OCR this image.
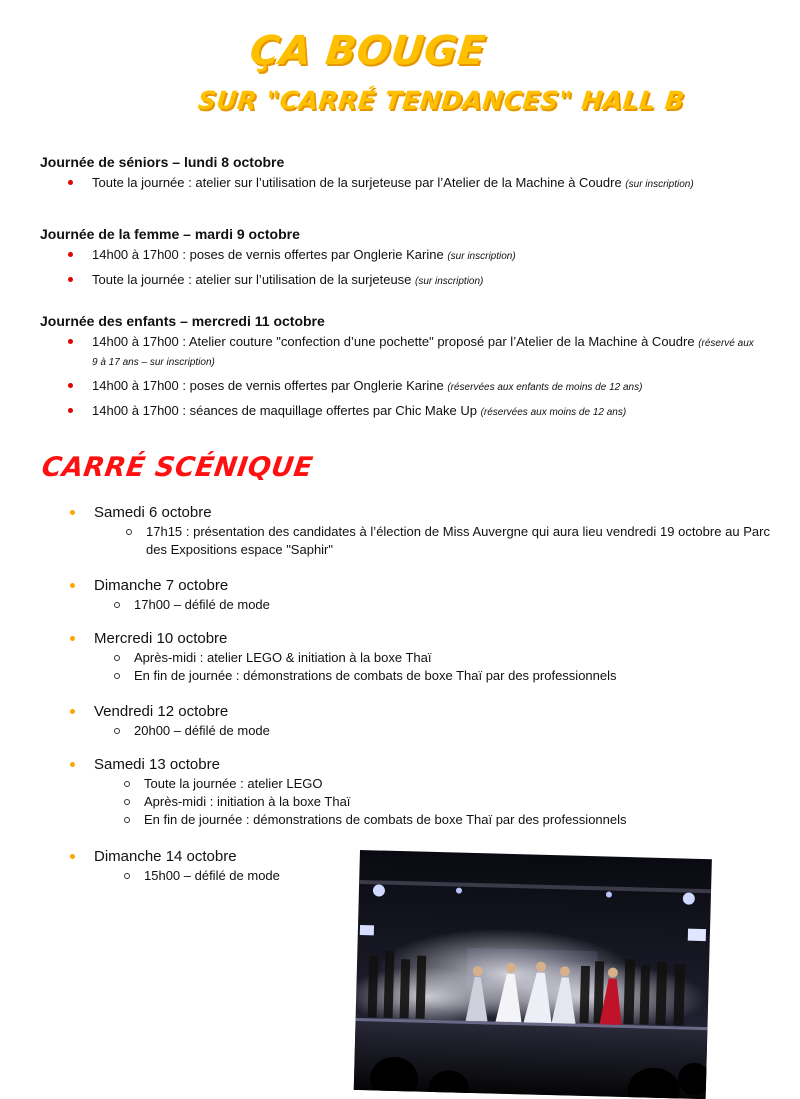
ÇA BOUGE
SUR "CARRÉ TENDANCES" HALL B

Journée de séniors – lundi 8 octobre

Toute la journée : atelier sur l’utilisation de la surjeteuse par l’Atelier de la Machine à Coudre (sur inscription)

Journée de la femme – mardi 9 octobre

14h00 à 17h00 : poses de vernis offertes par Onglerie Karine (sur inscription)
Toute la journée : atelier sur l’utilisation de la surjeteuse (sur inscription)

Journée des enfants – mercredi 11 octobre

14h00 à 17h00 : Atelier couture "confection d’une pochette" proposé par l’Atelier de la Machine à Coudre (réservé aux 9 à 17 ans – sur inscription)
14h00 à 17h00 : poses de vernis offertes par Onglerie Karine (réservées aux enfants de moins de 12 ans)
14h00 à 17h00 : séances de maquillage offertes par Chic Make Up (réservées aux moins de 12 ans)
CARRÉ SCÉNIQUE

Samedi 6 octobre

17h15 : présentation des candidates à l’élection de Miss Auvergne qui aura lieu vendredi 19 octobre au Parc des Expositions espace "Saphir"

Dimanche 7 octobre

17h00 – défilé de mode

Mercredi 10 octobre

Après-midi : atelier LEGO & initiation à la boxe Thaï
En fin de journée : démonstrations de combats de boxe Thaï par des professionnels

Vendredi 12 octobre

20h00 – défilé de mode

Samedi 13 octobre

Toute la journée : atelier LEGO
Après-midi : initiation à la boxe Thaï
En fin de journée : démonstrations de combats de boxe Thaï par des professionnels

Dimanche 14 octobre

15h00 – défilé de mode
